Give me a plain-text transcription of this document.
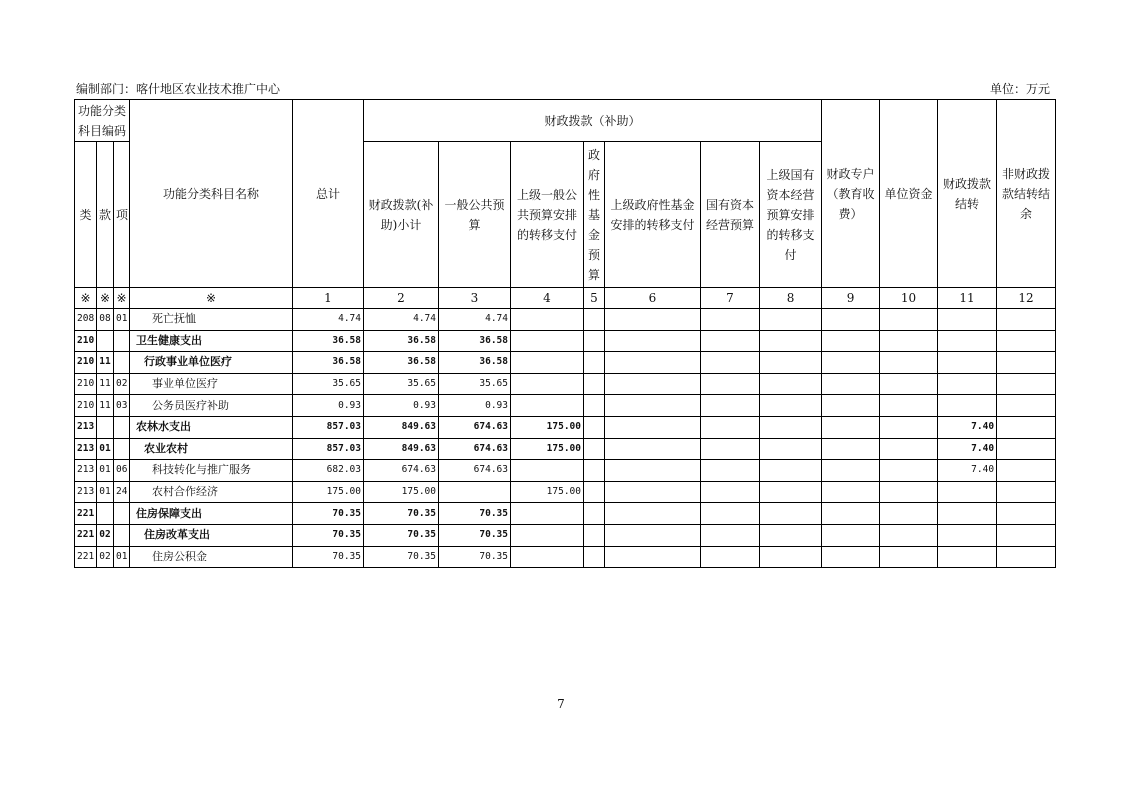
编制部门：喀什地区农业技术推广中心	单位：万元
功能分类科目编码			功能分类科目名称	总计	财政拨款（补助）							财政专户（教育收费）	单位资金	财政拨款结转	非财政拨款结转结余
类	款	项			财政拨款(补助)小计	一般公共预算	上级一般公共预算安排的转移支付	政府性基金预算	上级政府性基金安排的转移支付	国有资本经营预算	上级国有资本经营预算安排的转移支付				
※	※	※	※	1	2	3	4	5	6	7	8	9	10	11	12
208	08	01	死亡抚恤	4.74	4.74	4.74									
210			卫生健康支出	36.58	36.58	36.58									
210	11		行政事业单位医疗	36.58	36.58	36.58									
210	11	02	事业单位医疗	35.65	35.65	35.65									
210	11	03	公务员医疗补助	0.93	0.93	0.93									
213			农林水支出	857.03	849.63	674.63	175.00							7.40	
213	01		农业农村	857.03	849.63	674.63	175.00							7.40	
213	01	06	科技转化与推广服务	682.03	674.63	674.63								7.40	
213	01	24	农村合作经济	175.00	175.00		175.00								
221			住房保障支出	70.35	70.35	70.35									
221	02		住房改革支出	70.35	70.35	70.35									
221	02	01	住房公积金	70.35	70.35	70.35									
7
